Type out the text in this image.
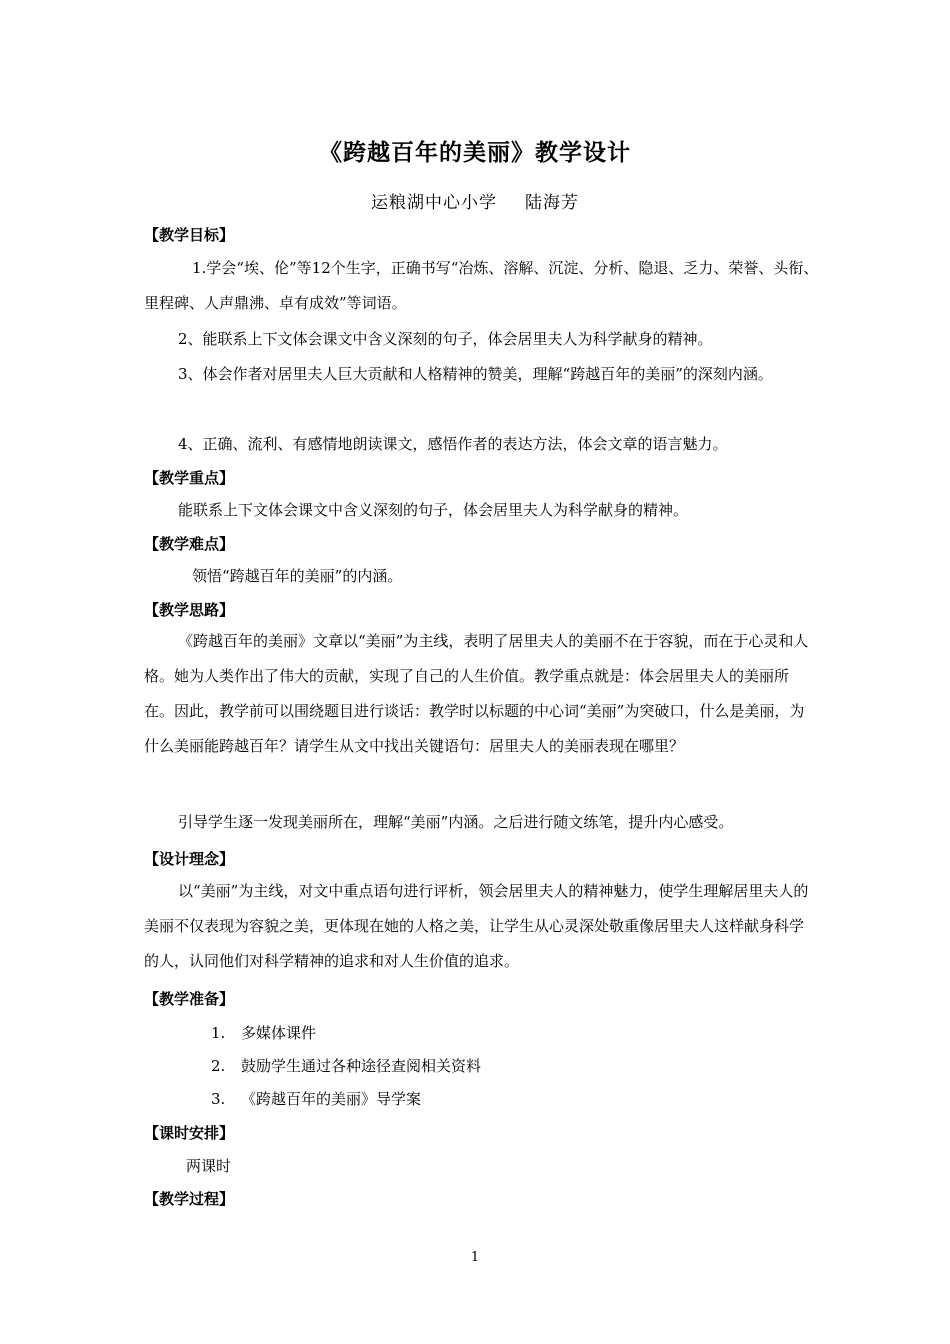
《跨越百年的美丽》教学设计
运粮湖中心小学 陆海芳
【教学目标】
1.学会“埃、伦”等12个生字，正确书写“冶炼、溶解、沉淀、分析、隐退、乏力、荣誉、头衔、里程碑、人声鼎沸、卓有成效”等词语。
2、能联系上下文体会课文中含义深刻的句子，体会居里夫人为科学献身的精神。
3、体会作者对居里夫人巨大贡献和人格精神的赞美，理解“跨越百年的美丽”的深刻内涵。
4、正确、流利、有感情地朗读课文，感悟作者的表达方法，体会文章的语言魅力。
【教学重点】
能联系上下文体会课文中含义深刻的句子，体会居里夫人为科学献身的精神。
【教学难点】
领悟“跨越百年的美丽”的内涵。
【教学思路】
《跨越百年的美丽》文章以“美丽”为主线，表明了居里夫人的美丽不在于容貌，而在于心灵和人格。她为人类作出了伟大的贡献，实现了自己的人生价值。教学重点就是：体会居里夫人的美丽所在。因此，教学前可以围绕题目进行谈话：教学时以标题的中心词“美丽”为突破口，什么是美丽，为什么美丽能跨越百年？请学生从文中找出关键语句：居里夫人的美丽表现在哪里？
引导学生逐一发现美丽所在，理解“美丽”内涵。之后进行随文练笔，提升内心感受。
【设计理念】
以“美丽”为主线，对文中重点语句进行评析，领会居里夫人的精神魅力，使学生理解居里夫人的美丽不仅表现为容貌之美，更体现在她的人格之美，让学生从心灵深处敬重像居里夫人这样献身科学的人，认同他们对科学精神的追求和对人生价值的追求。
【教学准备】
1. 多媒体课件
2. 鼓励学生通过各种途径查阅相关资料
3. 《跨越百年的美丽》导学案
【课时安排】
两课时
【教学过程】
1
